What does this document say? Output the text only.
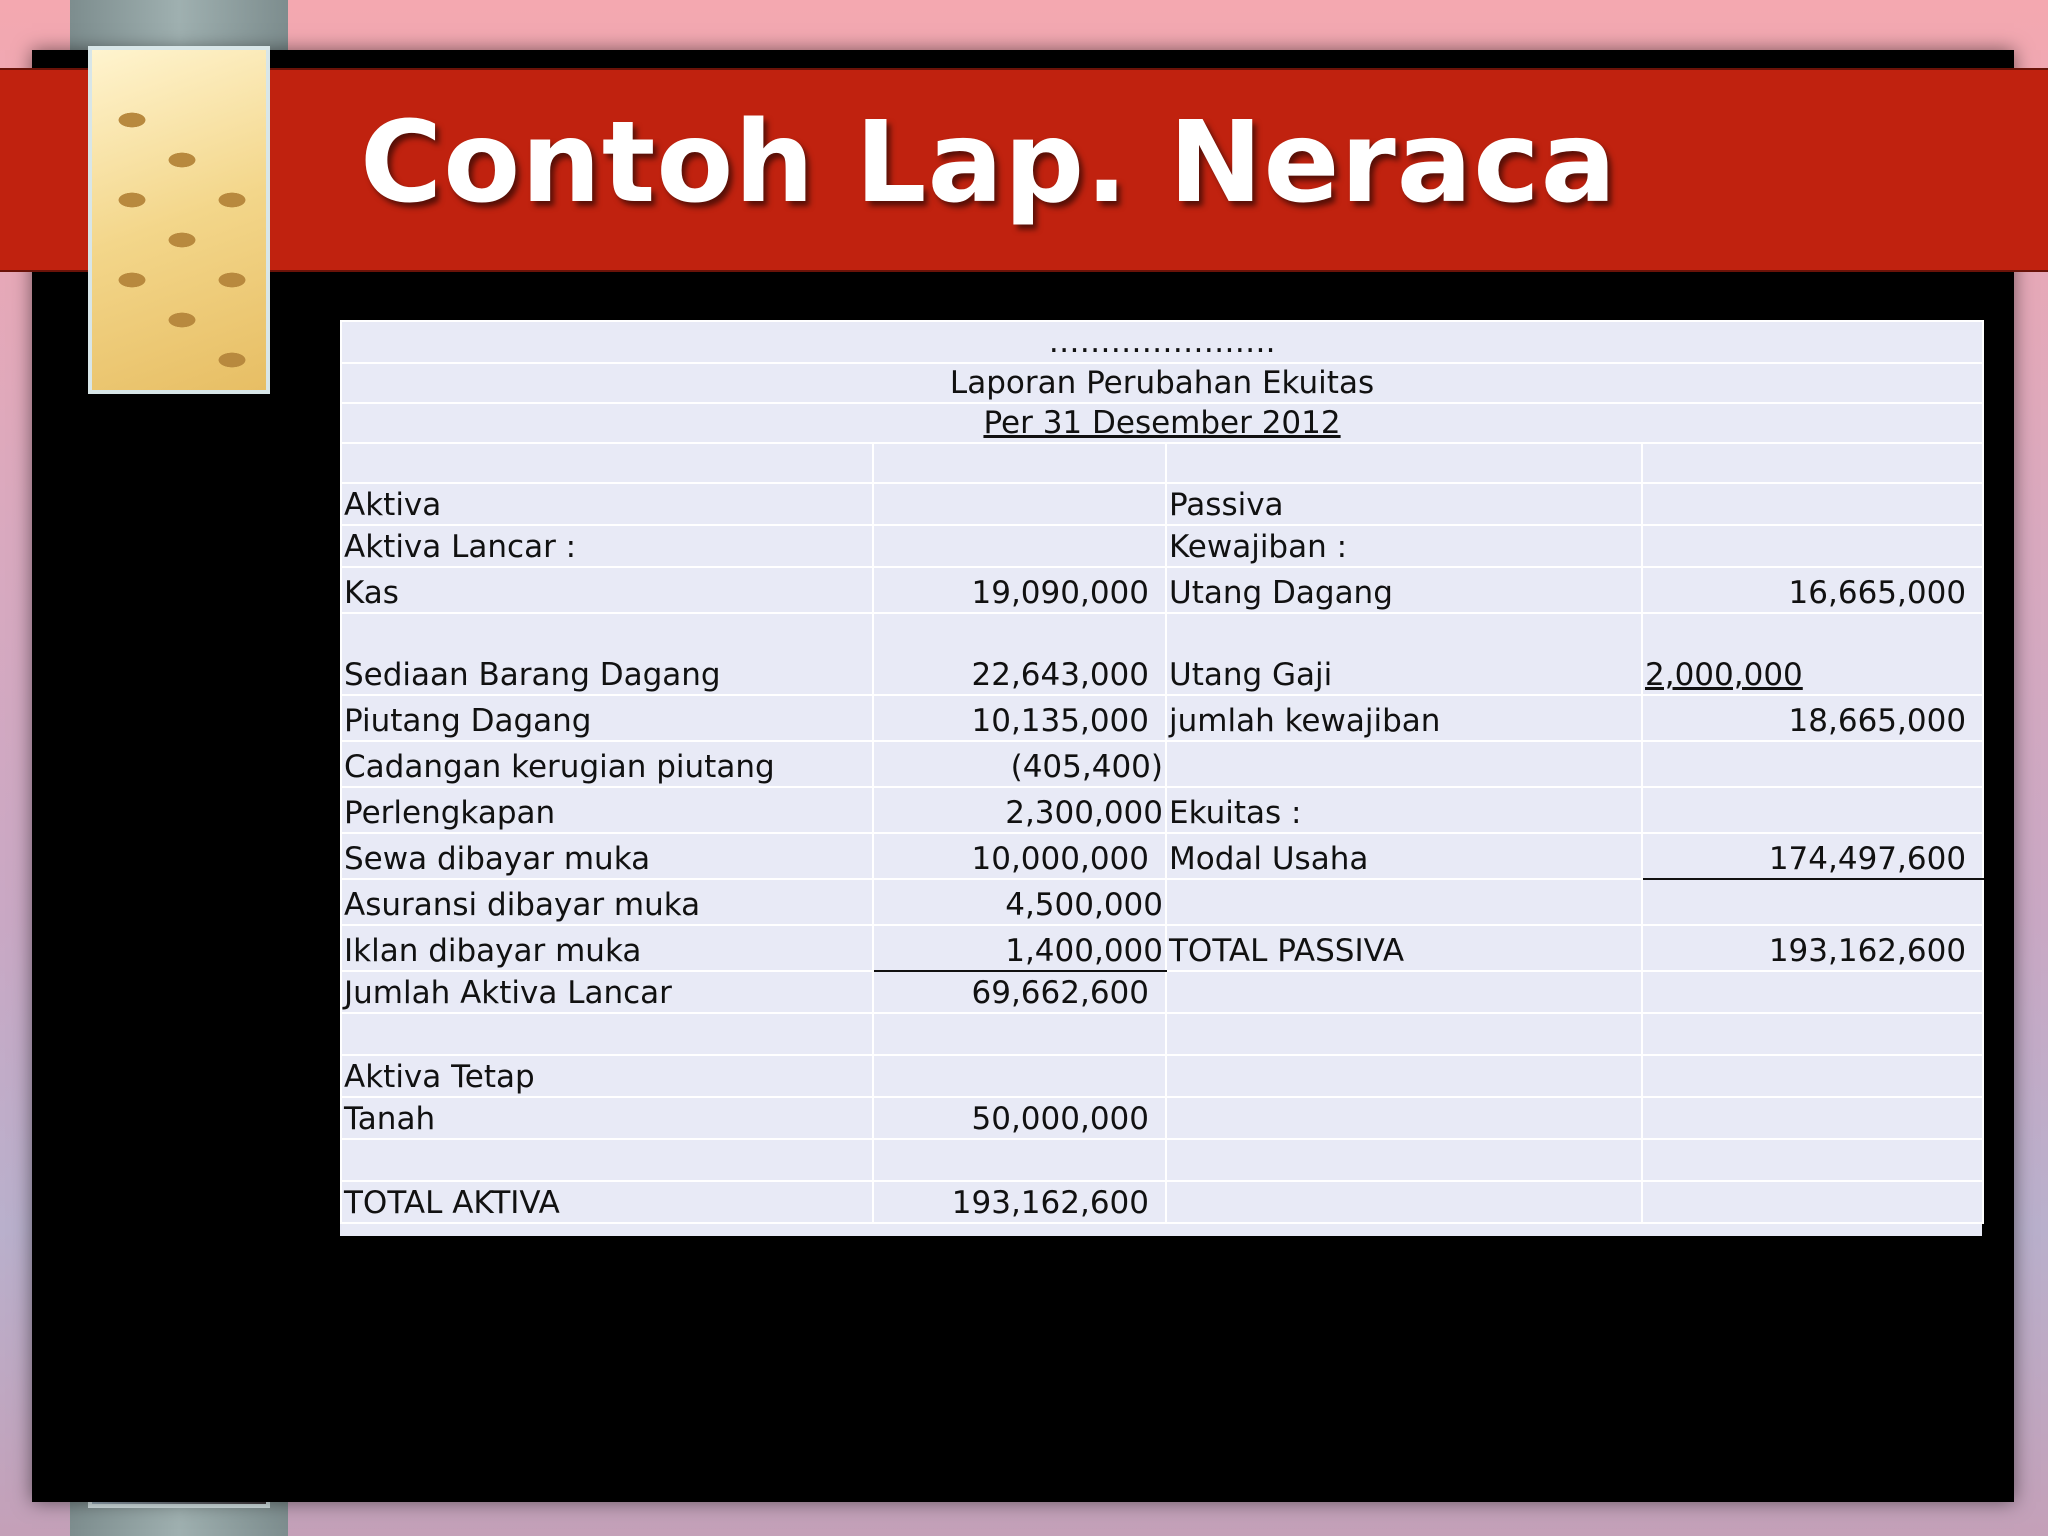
Contoh Lap. Neraca
………………….			
Laporan Perubahan Ekuitas			
Per 31 Desember 2012			

Aktiva		Passiva	
Aktiva Lancar :		Kewajiban :	
Kas	19,090,000	Utang Dagang	16,665,000
Sediaan Barang Dagang	22,643,000	Utang Gaji	2,000,000
Piutang Dagang	10,135,000	jumlah kewajiban	18,665,000
Cadangan kerugian piutang	(405,400)		
Perlengkapan	2,300,000	Ekuitas :	
Sewa dibayar muka	10,000,000	Modal Usaha	174,497,600
Asuransi dibayar muka	4,500,000		
Iklan dibayar muka	1,400,000	TOTAL PASSIVA	193,162,600
Jumlah Aktiva Lancar	69,662,600		

Aktiva Tetap			
Tanah	50,000,000		

TOTAL AKTIVA	193,162,600		
